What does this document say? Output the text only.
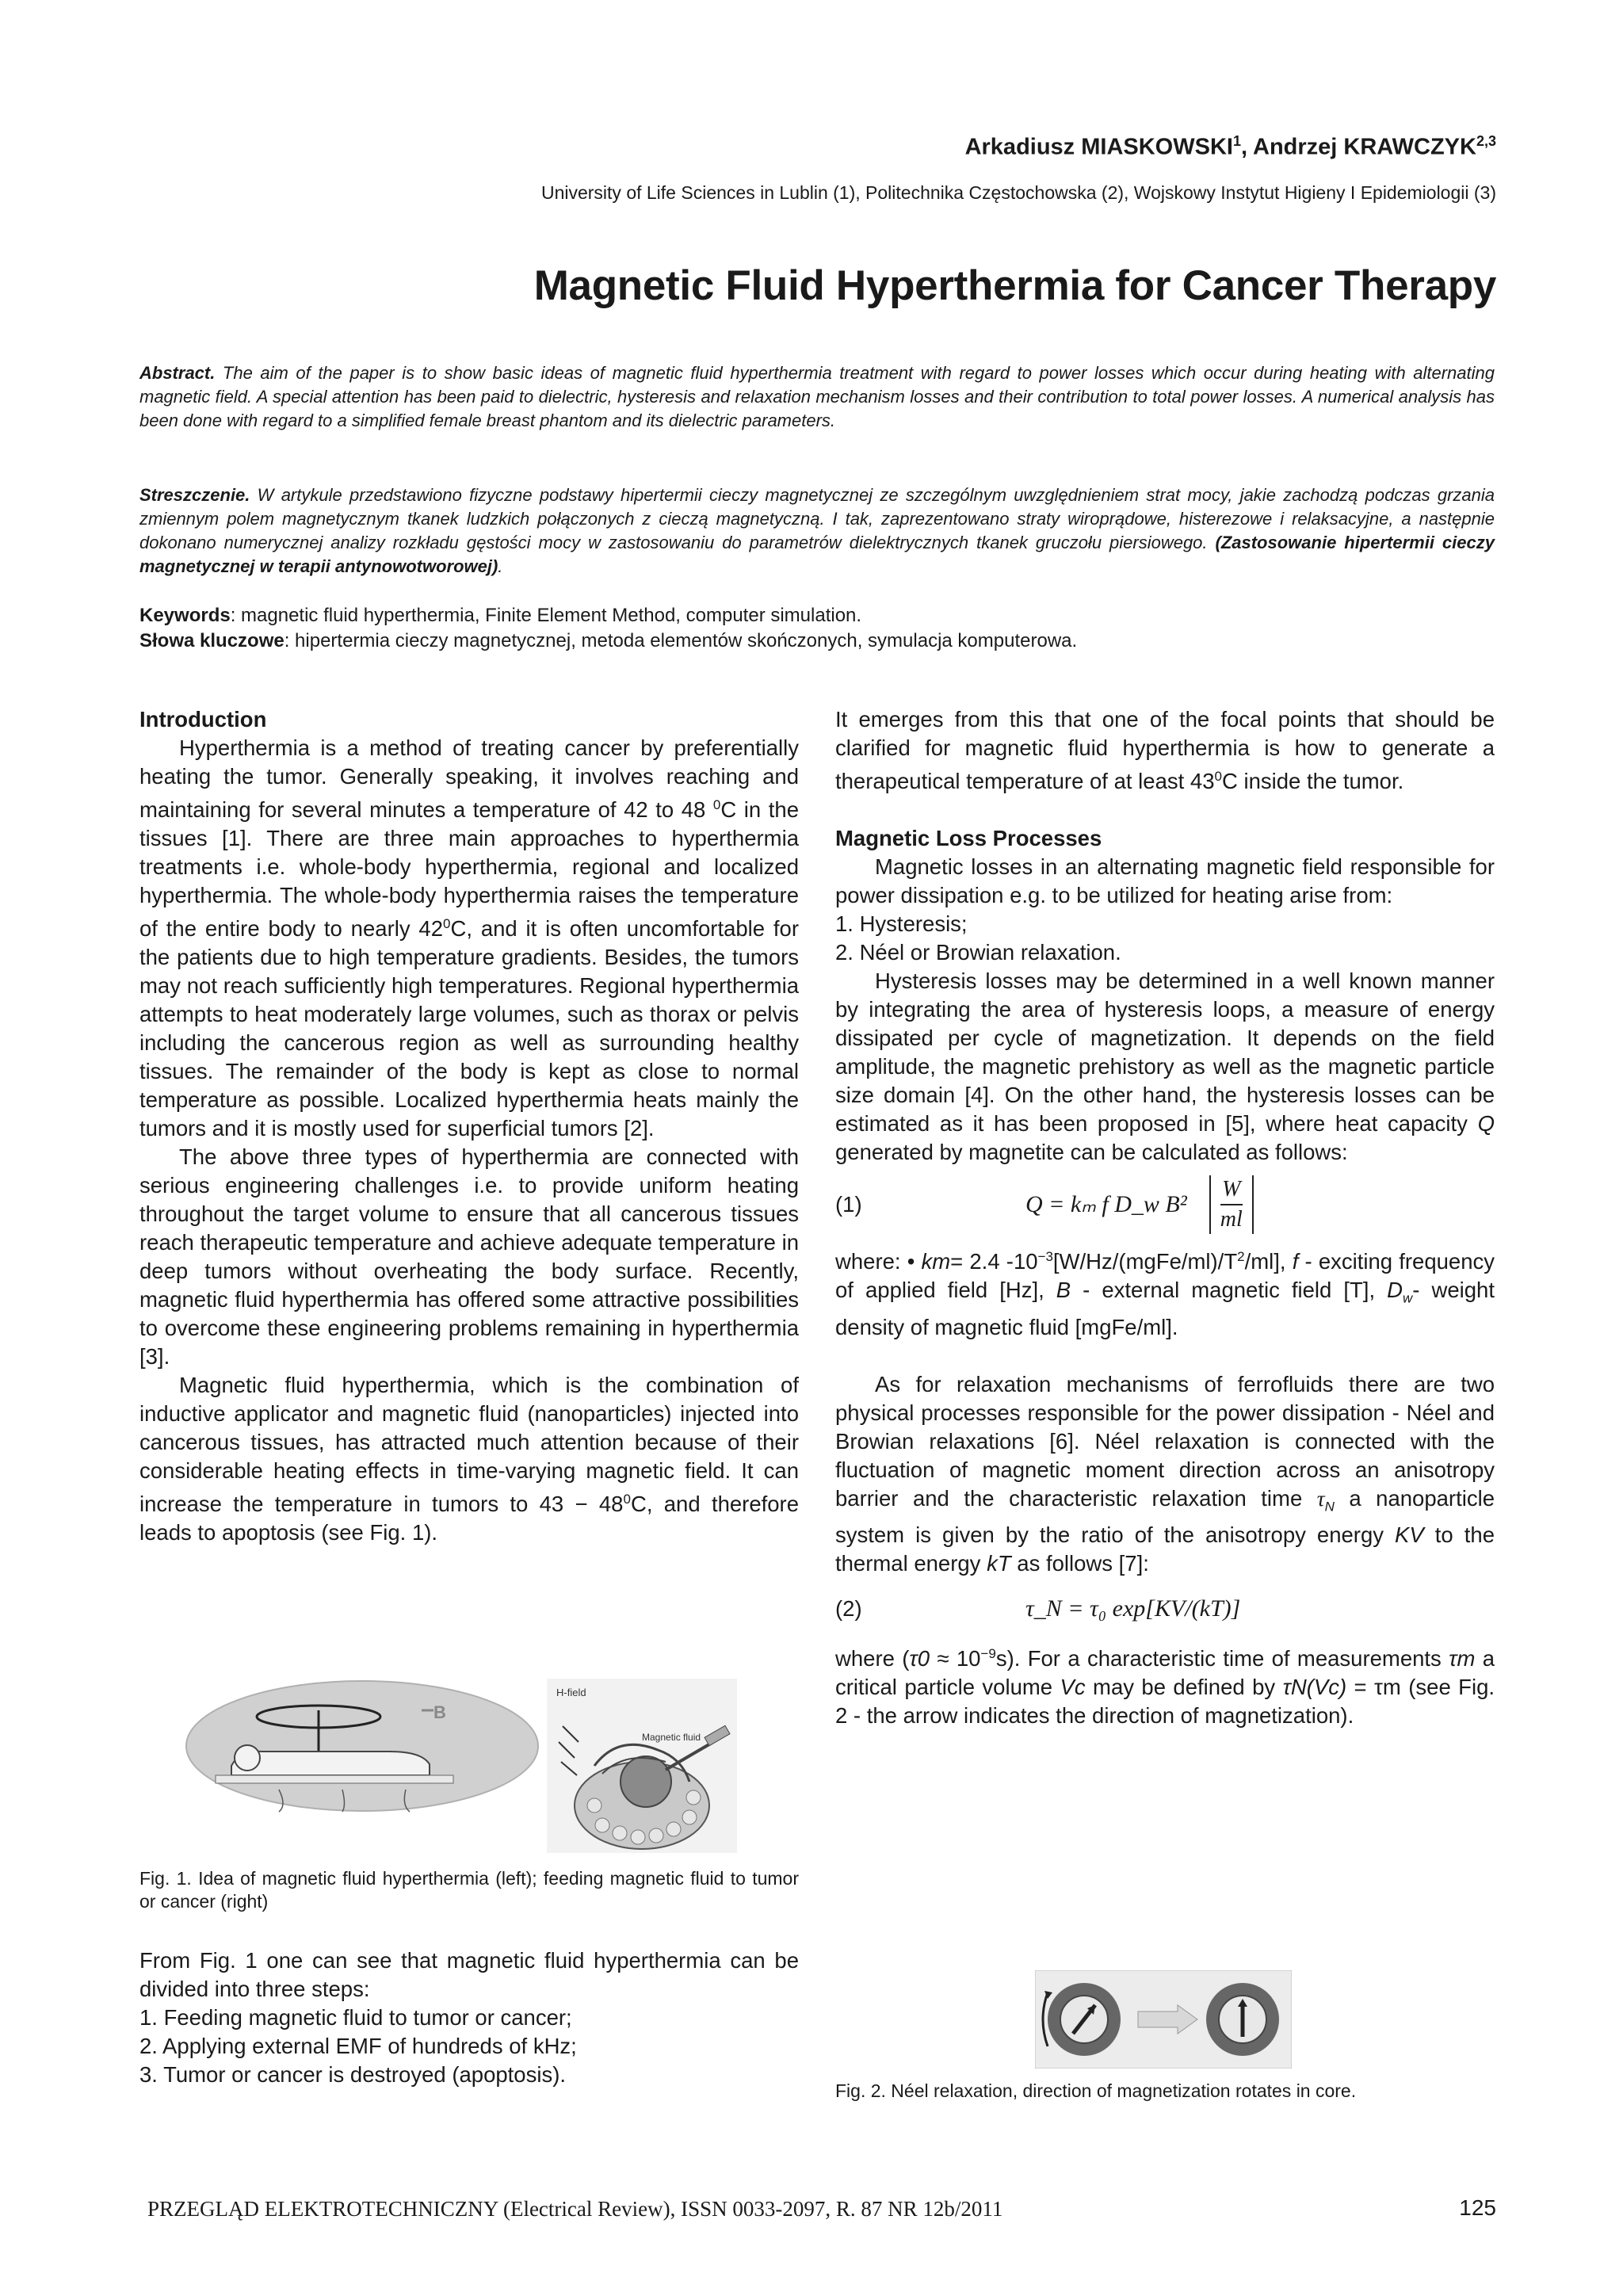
Arkadiusz MIASKOWSKI$^1$, Andrzej KRAWCZYK$^{2,3}$
University of Life Sciences in Lublin (1), Politechnika Częstochowska (2), Wojskowy Instytut Higieny I Epidemiologii (3)
Magnetic Fluid Hyperthermia for Cancer Therapy
Abstract. The aim of the paper is to show basic ideas of magnetic fluid hyperthermia treatment with regard to power losses which occur during heating with alternating magnetic field. A special attention has been paid to dielectric, hysteresis and relaxation mechanism losses and their contribution to total power losses. A numerical analysis has been done with regard to a simplified female breast phantom and its dielectric parameters.
Streszczenie. W artykule przedstawiono fizyczne podstawy hipertermii cieczy magnetycznej ze szczególnym uwzględnieniem strat mocy, jakie zachodzą podczas grzania zmiennym polem magnetycznym tkanek ludzkich połączonych z cieczą magnetyczną. I tak, zaprezentowano straty wiroprądowe, histerezowe i relaksacyjne, a następnie dokonano numerycznej analizy rozkładu gęstości mocy w zastosowaniu do parametrów dielektrycznych tkanek gruczołu piersiowego. (Zastosowanie hipertermii cieczy magnetycznej w terapii antynowotworowej).
Keywords: magnetic fluid hyperthermia, Finite Element Method, computer simulation.
Słowa kluczowe: hipertermia cieczy magnetycznej, metoda elementów skończonych, symulacja komputerowa.
Introduction

Hyperthermia is a method of treating cancer by preferentially heating the tumor. Generally speaking, it involves reaching and maintaining for several minutes a temperature of 42 to 48 $^0$C in the tissues [1]. There are three main approaches to hyperthermia treatments i.e. whole-body hyperthermia, regional and localized hyperthermia. The whole-body hyperthermia raises the temperature of the entire body to nearly $42^0C$, and it is often uncomfortable for the patients due to high temperature gradients. Besides, the tumors may not reach sufficiently high temperatures. Regional hyperthermia attempts to heat moderately large volumes, such as thorax or pelvis including the cancerous region as well as surrounding healthy tissues. The remainder of the body is kept as close to normal temperature as possible. Localized hyperthermia heats mainly the tumors and it is mostly used for superficial tumors [2].

The above three types of hyperthermia are connected with serious engineering challenges i.e. to provide uniform heating throughout the target volume to ensure that all cancerous tissues reach therapeutic temperature and achieve adequate temperature in deep tumors without overheating the body surface. Recently, magnetic fluid hyperthermia has offered some attractive possibilities to overcome these engineering problems remaining in hyperthermia [3].

Magnetic fluid hyperthermia, which is the combination of inductive applicator and magnetic fluid (nanoparticles) injected into cancerous tissues, has attracted much attention because of their considerable heating effects in time-varying magnetic field. It can increase the temperature in tumors to $43 - 48^0C$, and therefore leads to apoptosis (see Fig. 1).

B
H-field
Magnetic fluid
Fig. 1. Idea of magnetic fluid hyperthermia (left); feeding magnetic fluid to tumor or cancer (right)

From Fig. 1 one can see that magnetic fluid hyperthermia can be divided into three steps:

1. Feeding magnetic fluid to tumor or cancer;
2. Applying external EMF of hundreds of kHz;
3. Tumor or cancer is destroyed (apoptosis).

It emerges from this that one of the focal points that should be clarified for magnetic fluid hyperthermia is how to generate a therapeutical temperature of at least $43^0C$ inside the tumor.

Magnetic Loss Processes

Magnetic losses in an alternating magnetic field responsible for power dissipation e.g. to be utilized for heating arise from:

1. Hysteresis;
2. Néel or Browian relaxation.

Hysteresis losses may be determined in a well known manner by integrating the area of hysteresis loops, a measure of energy dissipated per cycle of magnetization. It depends on the field amplitude, the magnetic prehistory as well as the magnetic particle size domain [4]. On the other hand, the hysteresis losses can be estimated as it has been proposed in [5], where heat capacity Q generated by magnetite can be calculated as follows:

(1)	Q = kₘ f D_w $B^2 \frac{W}{ml}$

where: • km= 2.4 $-10^{-3}[W/Hz/(mgFe/ml)/T^2/ml]$, f - exciting frequency of applied field [Hz], B - external magnetic field [T], $D_w-$ weight density of magnetic fluid [mgFe/ml].

As for relaxation mechanisms of ferrofluids there are two physical processes responsible for the power dissipation - Néel and Browian relaxations [6]. Néel relaxation is connected with the fluctuation of magnetic moment direction across an anisotropy barrier and the characteristic relaxation time $\tau_N$ a nanoparticle system is given by the ratio of the anisotropy energy KV to the thermal energy kT as follows [7]:

(2)	τ_N = τ₀ exp[KV/(kT)]

where $(\tau 0 \approx 10^{-9}s)$. For a characteristic time of measurements τm a critical particle volume Vc may be defined by τN(Vc) = τm (see Fig. 2 - the arrow indicates the direction of magnetization).

Fig. 2. Néel relaxation, direction of magnetization rotates in core.
PRZEGLĄD ELEKTROTECHNICZNY (Electrical Review), ISSN 0033-2097, R. 87 NR 12b/2011	125
